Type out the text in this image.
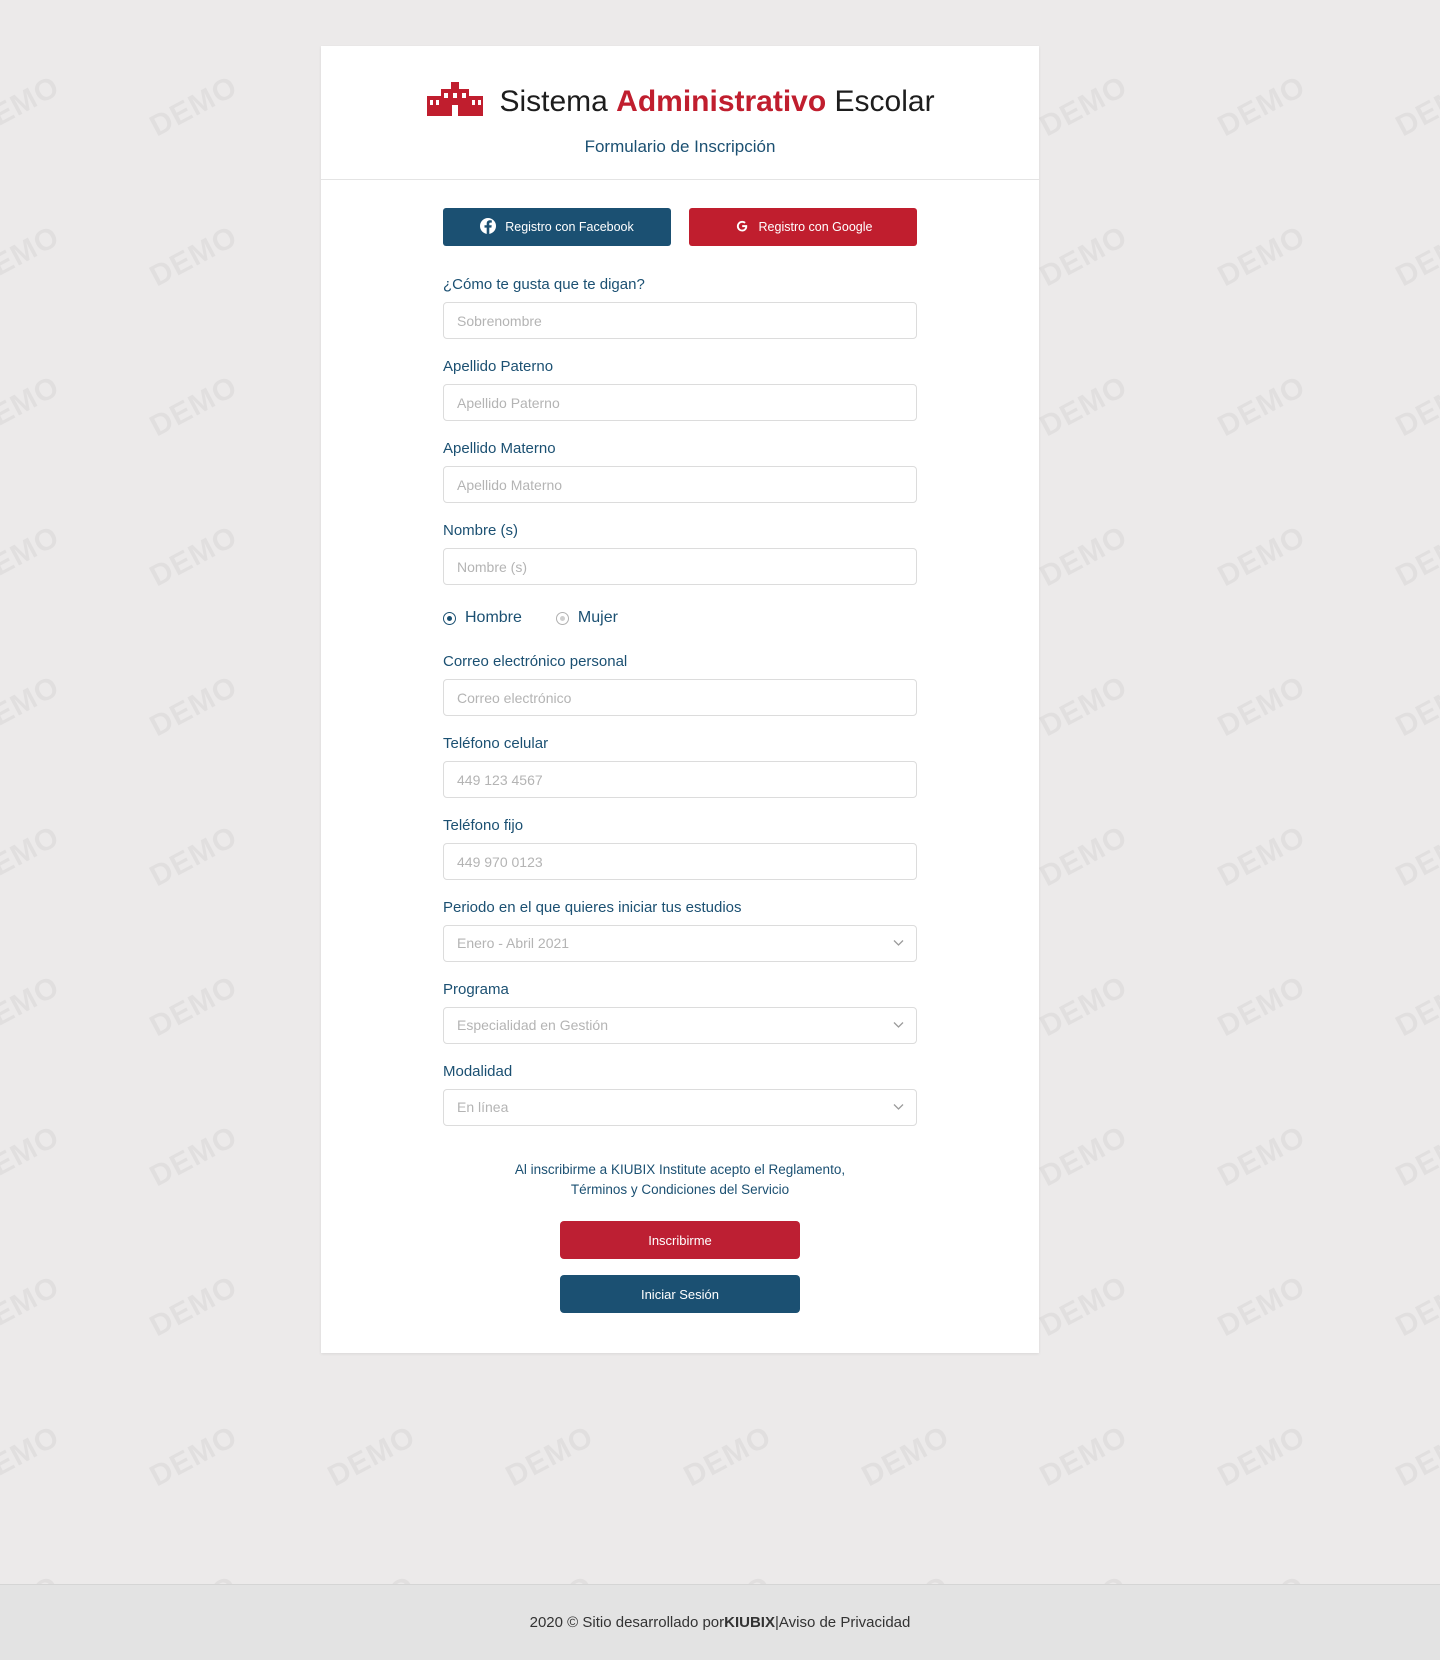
Sistema Administrativo Escolar
Formulario de Inscripción
Registro con Facebook	Registro con Google
¿Cómo te gusta que te digan?
Sobrenombre
Apellido Paterno
Apellido Paterno
Apellido Materno
Apellido Materno
Nombre (s)
Nombre (s)
Hombre	Mujer
Correo electrónico personal
Correo electrónico
Teléfono celular
449 123 4567
Teléfono fijo
449 970 0123
Periodo en el que quieres iniciar tus estudios
Enero - Abril 2021
Programa
Especialidad en Gestión
Modalidad
En línea
Al inscribirme a KIUBIX Institute acepto el Reglamento,
Términos y Condiciones del Servicio
Inscribirme
Iniciar Sesión
2020 © Sitio desarrollado por KIUBIX | Aviso de Privacidad
